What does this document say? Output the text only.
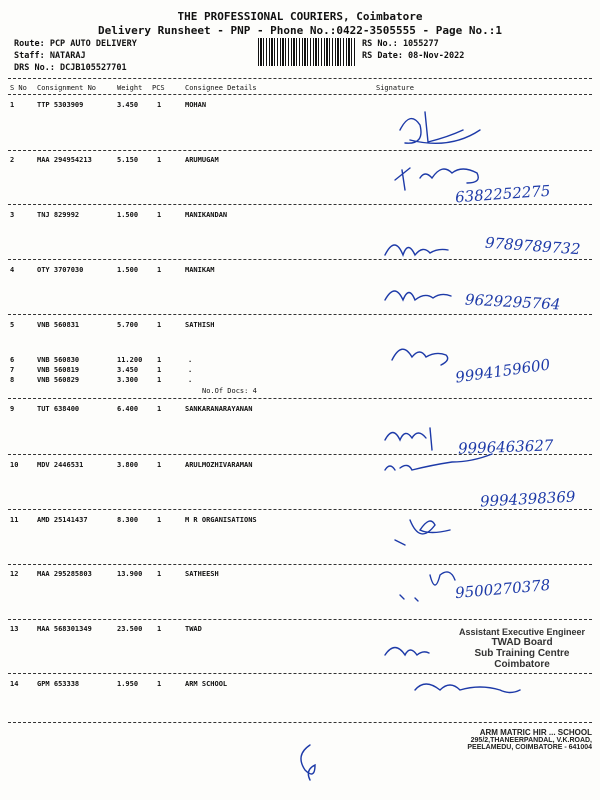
THE PROFESSIONAL COURIERS, Coimbatore
Delivery Runsheet - PNP - Phone No.:0422-3505555 - Page No.:1
Route: PCP AUTO DELIVERY
Staff: NATARAJ
DRS No.: DCJB105527701
RS No.: 1055277
RS Date: 08-Nov-2022
S No Consignment No	Weight PCS	Consignee Details	Signature
1	TTP 5303909	3.450	1	MOHAN
2	MAA 294954213	5.150	1	ARUMUGAM
3	TNJ 829992	1.500	1	MANIKANDAN
4	OTY 3707030	1.500	1	MANIKAM
5	VNB 560831	5.700	1	SATHISH
6	VNB 560830	11.200 1	.
7	VNB 560819	3.450	1	.
8	VNB 560829	3.300	1	.
No.Of Docs: 4
9	TUT 638400	6.400	1	SANKARANARAYANAN
10	MDV 2446531	3.800	1	ARULMOZHIVARAMAN
11	AMD 25141437	8.300	1	M R ORGANISATIONS
12	MAA 295285803	13.900 1	SATHEESH
13	MAA 568301349	23.500 1	TWAD
14	GPM 653338	1.950	1	ARM SCHOOL
6382252275
9789789732
9629295764
9994159600
9996463627
9994398369
9500270378
Assistant Executive Engineer
TWAD Board
Sub Training Centre
Coimbatore
ARM MATRIC HIR ... SCHOOL
295/2,THANEERPANDAL, V.K.ROAD,
PEELAMEDU, COIMBATORE - 641004
